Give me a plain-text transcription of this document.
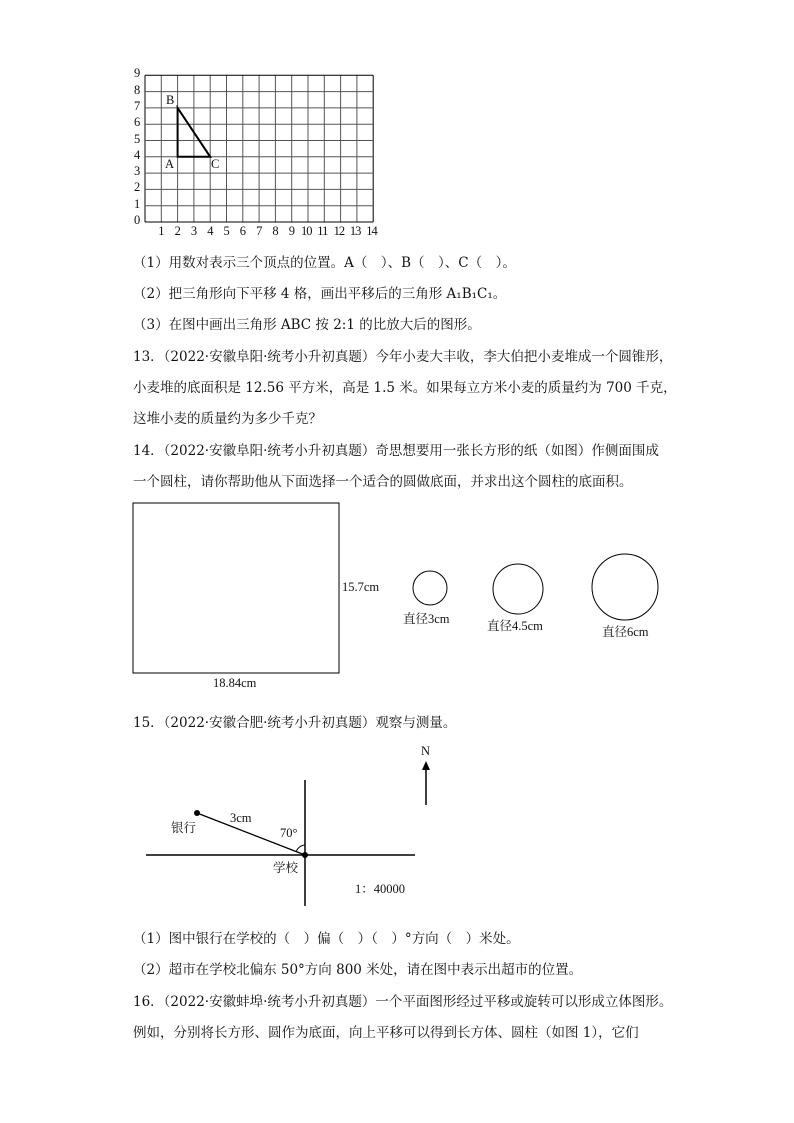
0
1
2
3
4
5
6
7
8
9
1 2 3 4 5 6 7 8 9 10 11 12 13 14
B
A	C
（1）用数对表示三个顶点的位置。A（　）、B（　）、C（　）。
（2）把三角形向下平移 4 格，画出平移后的三角形 A₁B₁C₁。
（3）在图中画出三角形 ABC 按 2:1 的比放大后的图形。
13．（2022·安徽阜阳·统考小升初真题）今年小麦大丰收，李大伯把小麦堆成一个圆锥形，
小麦堆的底面积是 12.56 平方米，高是 1.5 米。如果每立方米小麦的质量约为 700 千克，
这堆小麦的质量约为多少千克？
14．（2022·安徽阜阳·统考小升初真题）奇思想要用一张长方形的纸（如图）作侧面围成
一个圆柱，请你帮助他从下面选择一个适合的圆做底面，并求出这个圆柱的底面积。
15.7cm
18.84cm
直径3cm	直径4.5cm	直径6cm
15．（2022·安徽合肥·统考小升初真题）观察与测量。
N
银行
3cm
70°
学校
1：40000
（1）图中银行在学校的（　）偏（　）（　）°方向（　）米处。
（2）超市在学校北偏东 50°方向 800 米处，请在图中表示出超市的位置。
16．（2022·安徽蚌埠·统考小升初真题）一个平面图形经过平移或旋转可以形成立体图形。
例如，分别将长方形、圆作为底面，向上平移可以得到长方体、圆柱（如图 1），它们
